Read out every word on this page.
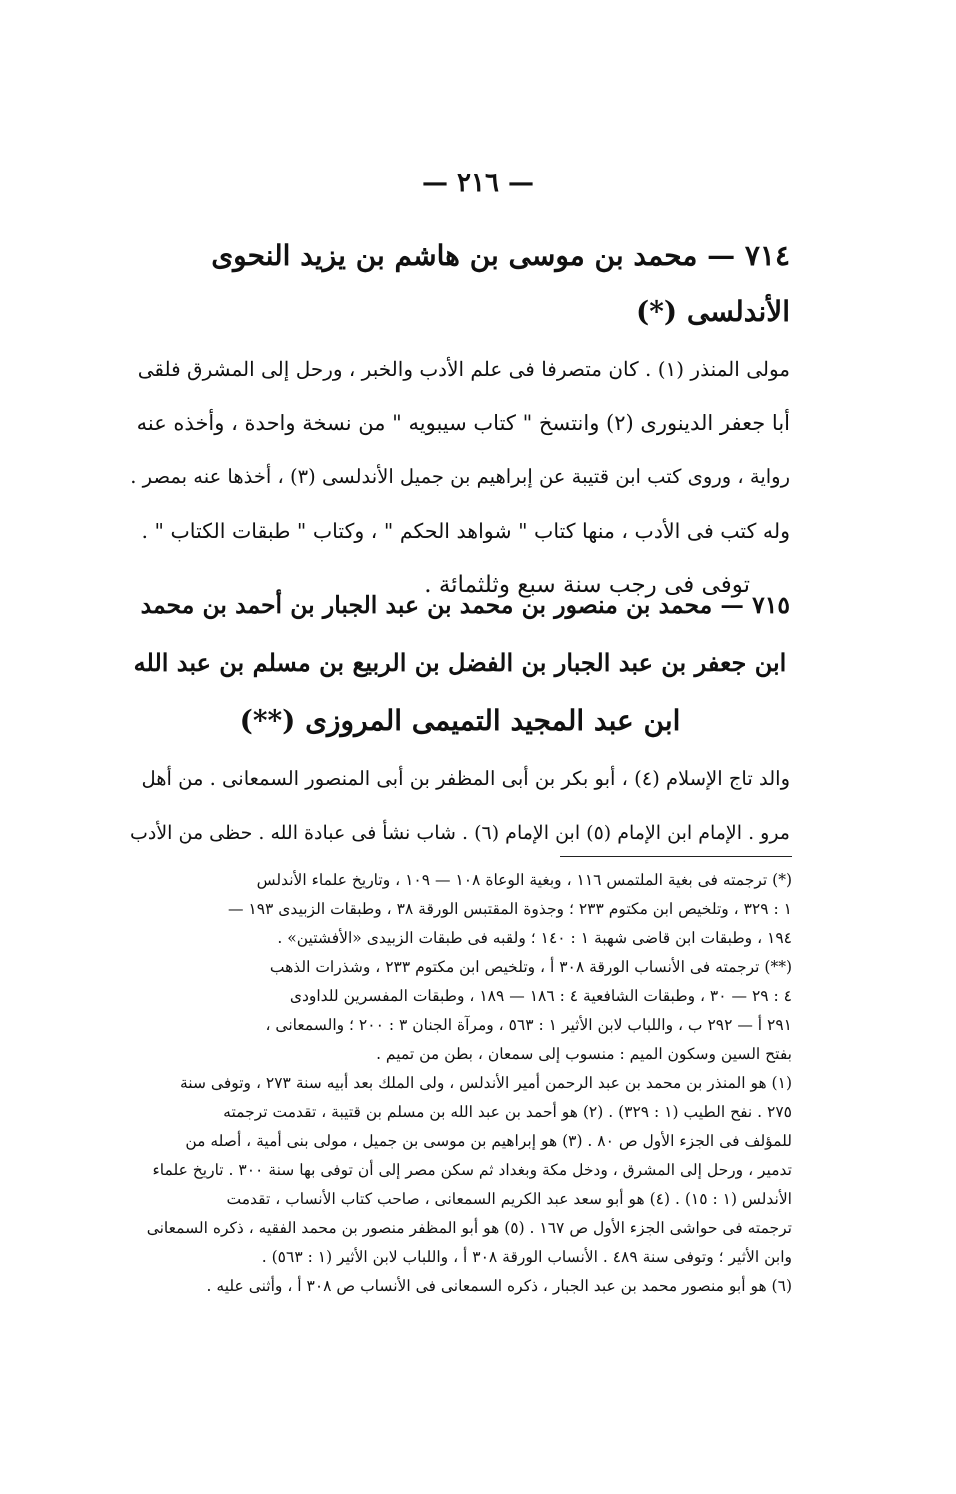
— ٢١٦ —
٧١٤ — محمد بن موسى بن هاشم بن يزيد النحوى الأندلسى (*)
مولى المنذر (١) . كان متصرفا فى علم الأدب والخبر ، ورحل إلى المشرق فلقى
أبا جعفر الدينورى (٢) وانتسخ " كتاب سيبويه " من نسخة واحدة ، وأخذه عنه
رواية ، وروى كتب ابن قتيبة عن إبراهيم بن جميل الأندلسى (٣) ، أخذها عنه بمصر .
وله كتب فى الأدب ، منها كتاب " شواهد الحكم " ، وكتاب " طبقات الكتاب " .
توفى فى رجب سنة سبع وثلثمائة .
٧١٥ — محمد بن منصور بن محمد بن عبد الجبار بن أحمد بن محمد
ابن جعفر بن عبد الجبار بن الفضل بن الربيع بن مسلم بن عبد الله
ابن عبد المجيد التميمى المروزى (**)
والد تاج الإسلام (٤) ، أبو بكر بن أبى المظفر بن أبى المنصور السمعانى . من أهل
مرو . الإمام ابن الإمام (٥) ابن الإمام (٦) . شاب نشأ فى عبادة الله . حظى من الأدب
(*) ترجمته فى بغية الملتمس ١١٦ ، وبغية الوعاة ١٠٨ — ١٠٩ ، وتاريخ علماء الأندلس
١ : ٣٢٩ ، وتلخيص ابن مكتوم ٢٣٣ ؛ وجذوة المقتبس الورقة ٣٨ ، وطبقات الزبيدى ١٩٣ —
١٩٤ ، وطبقات ابن قاضى شهبة ١ : ١٤٠ ؛ ولقبه فى طبقات الزبيدى «الأفشتين» .
(**) ترجمته فى الأنساب الورقة ٣٠٨ أ ، وتلخيص ابن مكتوم ٢٣٣ ، وشذرات الذهب
٤ : ٢٩ — ٣٠ ، وطبقات الشافعية ٤ : ١٨٦ — ١٨٩ ، وطبقات المفسرين للداودى
٢٩١ أ — ٢٩٢ ب ، واللباب لابن الأثير ١ : ٥٦٣ ، ومرآة الجنان ٣ : ٢٠٠ ؛ والسمعانى ،
بفتح السين وسكون الميم : منسوب إلى سمعان ، بطن من تميم .
(١) هو المنذر بن محمد بن عبد الرحمن أمير الأندلس ، ولى الملك بعد أبيه سنة ٢٧٣ ، وتوفى سنة
٢٧٥ . نفح الطيب (١ : ٣٢٩) . (٢) هو أحمد بن عبد الله بن مسلم بن قتيبة ، تقدمت ترجمته
للمؤلف فى الجزء الأول ص ٨٠ . (٣) هو إبراهيم بن موسى بن جميل ، مولى بنى أمية ، أصله من
تدمير ، ورحل إلى المشرق ، ودخل مكة وبغداد ثم سكن مصر إلى أن توفى بها سنة ٣٠٠ . تاريخ علماء
الأندلس (١ : ١٥) . (٤) هو أبو سعد عبد الكريم السمعانى ، صاحب كتاب الأنساب ، تقدمت
ترجمته فى حواشى الجزء الأول ص ١٦٧ . (٥) هو أبو المظفر منصور بن محمد الفقيه ، ذكره السمعانى
وابن الأثير ؛ وتوفى سنة ٤٨٩ . الأنساب الورقة ٣٠٨ أ ، واللباب لابن الأثير (١ : ٥٦٣) .
(٦) هو أبو منصور محمد بن عبد الجبار ، ذكره السمعانى فى الأنساب ص ٣٠٨ أ ، وأثنى عليه .
